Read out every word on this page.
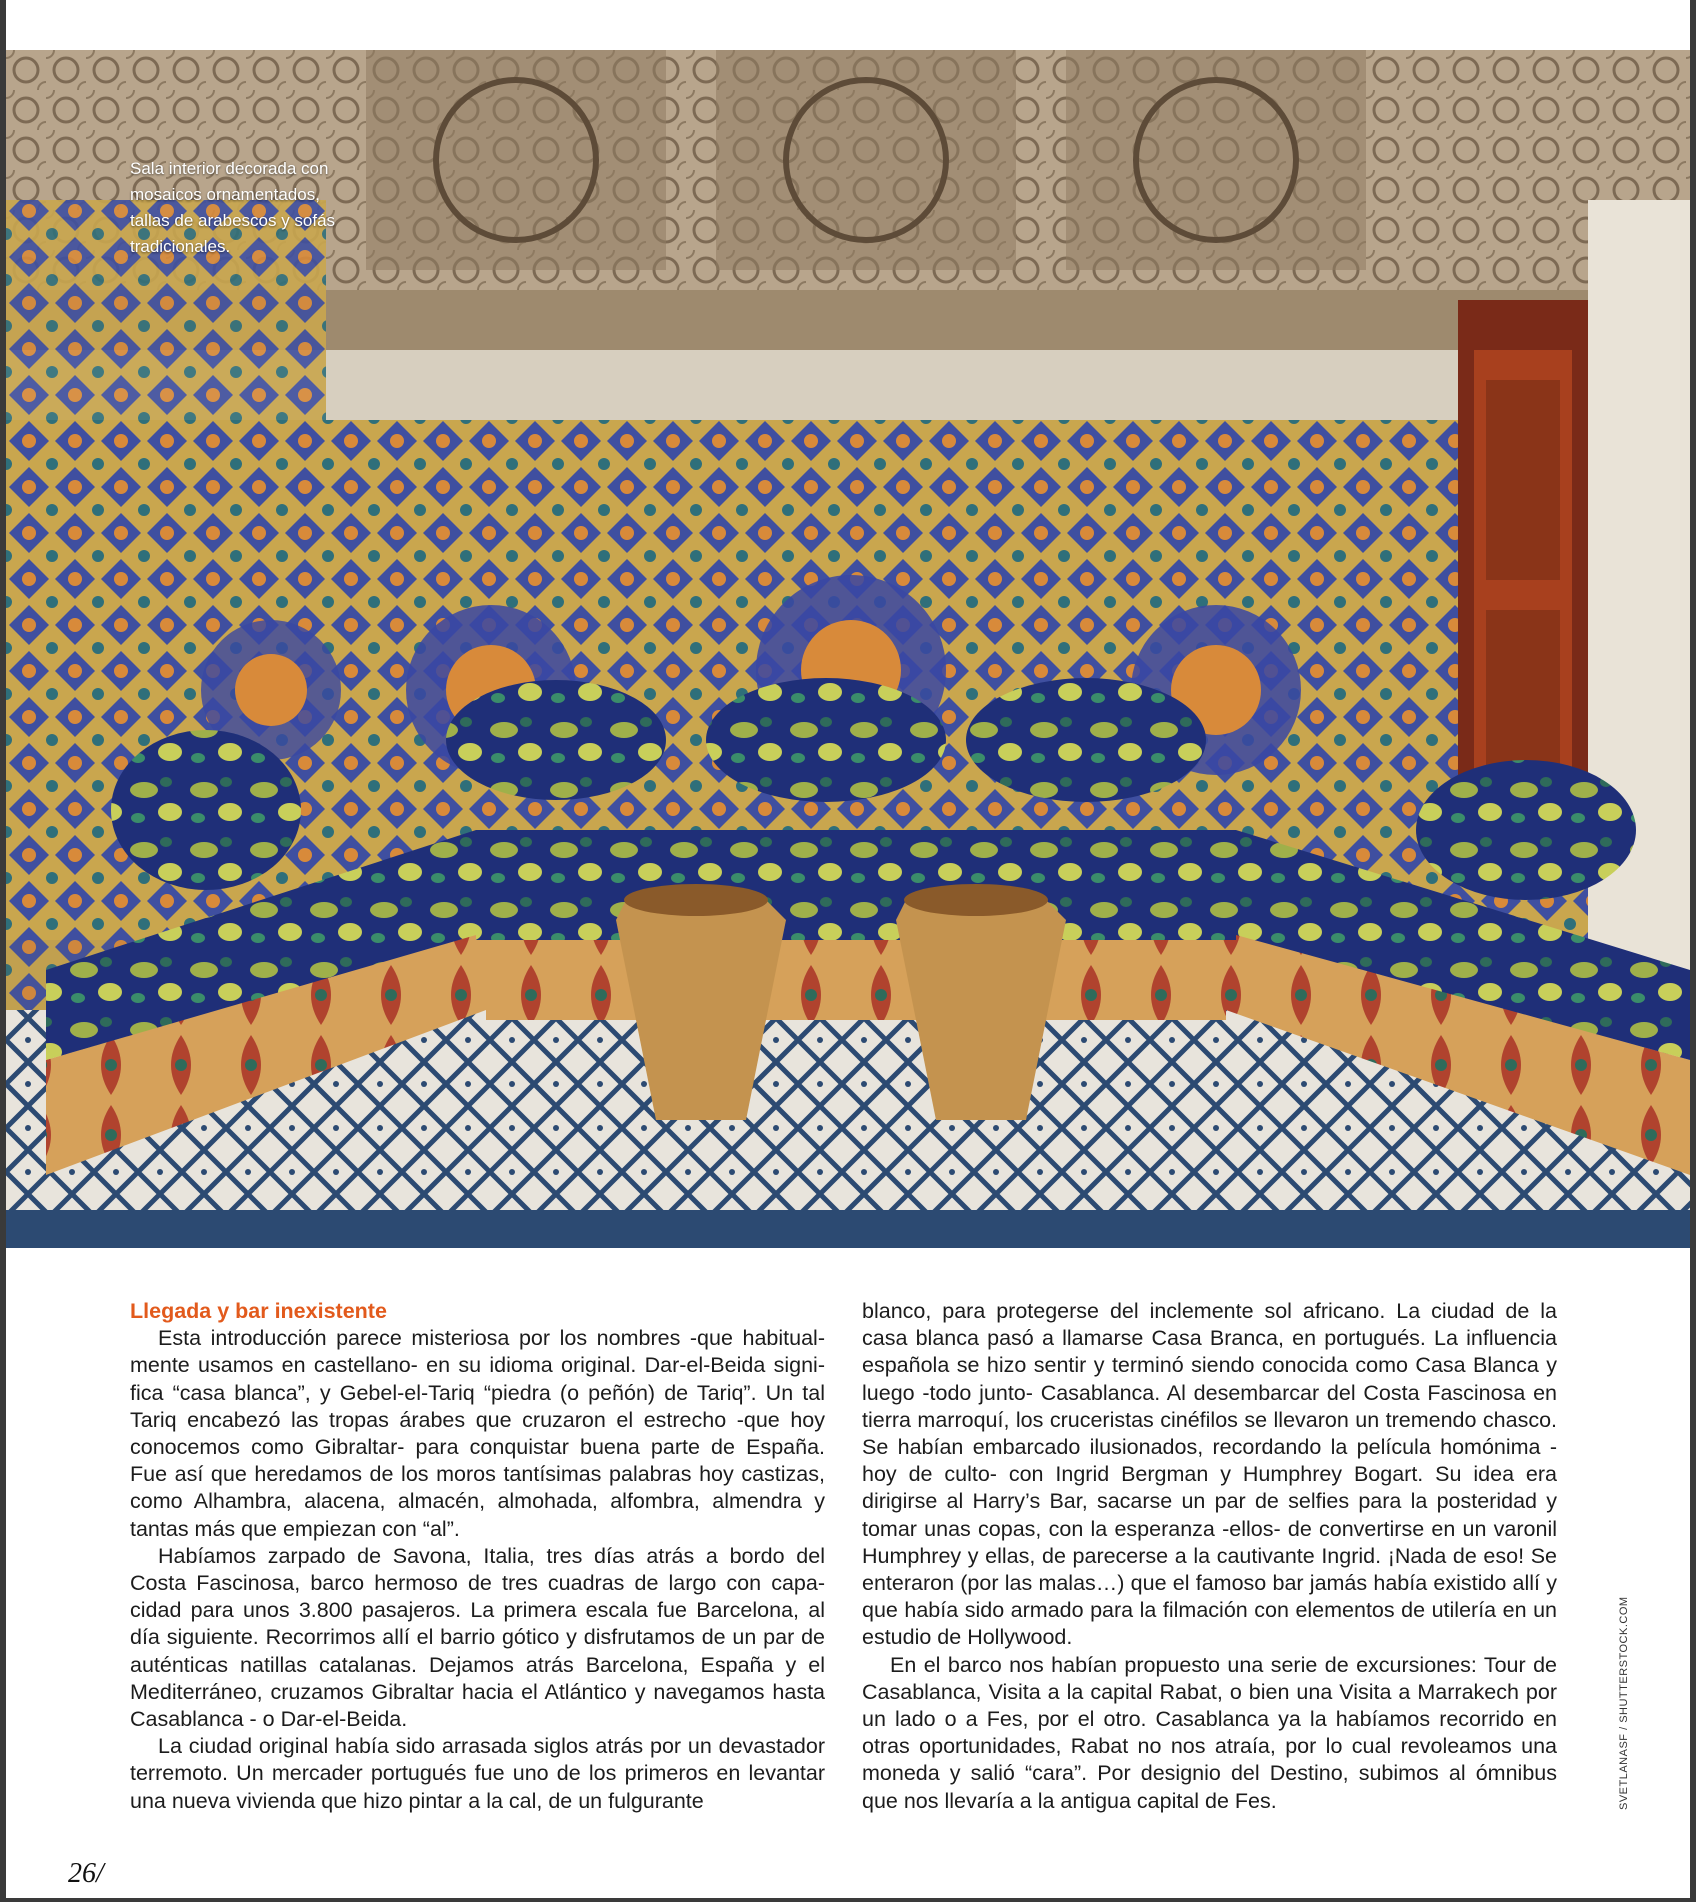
Sala interior decorada con mosaicos ornamentados, tallas de arabescos y sofás tradicionales.
Llegada y bar inexistente

Esta introducción parece misteriosa por los nombres -que habitualmente usamos en castellano- en su idioma original. Dar-el-Beida significa “casa blanca”, y Gebel-el-Tariq “piedra (o peñón) de Tariq”. Un tal Tariq encabezó las tropas árabes que cruzaron el estrecho -que hoy conocemos como Gibraltar- para conquistar buena parte de España. Fue así que heredamos de los moros tantísimas palabras hoy castizas, como Alhambra, alacena, almacén, almohada, alfombra, almendra y tantas más que empiezan con “al”.

Habíamos zarpado de Savona, Italia, tres días atrás a bordo del Costa Fascinosa, barco hermoso de tres cuadras de largo con capacidad para unos 3.800 pasajeros. La primera escala fue Barcelona, al día siguiente. Recorrimos allí el barrio gótico y disfrutamos de un par de auténticas natillas catalanas. Dejamos atrás Barcelona, España y el Mediterráneo, cruzamos Gibraltar hacia el Atlántico y navegamos hasta Casablanca - o Dar-el-Beida.

La ciudad original había sido arrasada siglos atrás por un devastador terremoto. Un mercader portugués fue uno de los primeros en levantar una nueva vivienda que hizo pintar a la cal, de un fulgurante

blanco, para protegerse del inclemente sol africano. La ciudad de la casa blanca pasó a llamarse Casa Branca, en portugués. La influencia española se hizo sentir y terminó siendo conocida como Casa Blanca y luego -todo junto- Casablanca. Al desembarcar del Costa Fascinosa en tierra marroquí, los cruceristas cinéfilos se llevaron un tremendo chasco. Se habían embarcado ilusionados, recordando la película homónima -hoy de culto- con Ingrid Bergman y Humphrey Bogart. Su idea era dirigirse al Harry’s Bar, sacarse un par de selfies para la posteridad y tomar unas copas, con la esperanza -ellos- de convertirse en un varonil Humphrey y ellas, de parecerse a la cautivante Ingrid. ¡Nada de eso! Se enteraron (por las malas…) que el famoso bar jamás había existido allí y que había sido armado para la filmación con elementos de utilería en un estudio de Hollywood.

En el barco nos habían propuesto una serie de excursiones: Tour de Casablanca, Visita a la capital Rabat, o bien una Visita a Marrakech por un lado o a Fes, por el otro. Casablanca ya la habíamos recorrido en otras oportunidades, Rabat no nos atraía, por lo cual revoleamos una moneda y salió “cara”. Por designio del Destino, subimos al ómnibus que nos llevaría a la antigua capital de Fes.	SVETLANASF / SHUTTERSTOCK.COM
26/
